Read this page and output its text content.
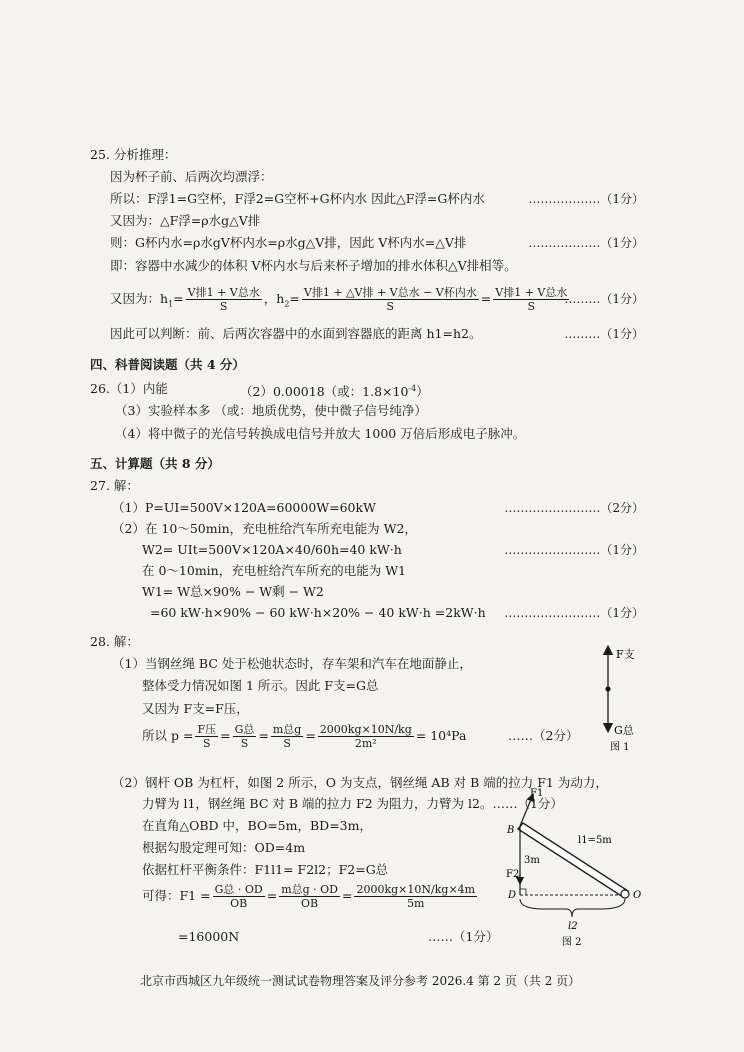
25. 分析推理：
因为杯子前、后两次均漂浮：
所以：F浮1=G空杯，F浮2=G空杯+G杯内水 因此△F浮=G杯内水	………………（1分）
又因为：△F浮=ρ水g△V排
则：G杯内水=ρ水gV杯内水=ρ水g△V排，因此 V杯内水=△V排	………………（1分）
即：容器中水减少的体积 V杯内水与后来杯子增加的排水体积△V排相等。
又因为：$h_1= \frac{\text{V排1 + V总水}}{S}$ ，$h_2= \frac{\text{V排1 + △V排 + V总水 − V杯内水}}{S} = \frac{\text{V排1 + V总水}}{S}$
………（1分）
因此可以判断：前、后两次容器中的水面到容器底的距离 h1=h2。	………（1分）
四、科普阅读题（共 4 分）
26.（1）内能	（2）0.00018（或：$1.8\times 10^{-4}$）
（3）实验样本多 （或：地质优势，使中微子信号纯净）
（4）将中微子的光信号转换成电信号并放大 1000 万倍后形成电子脉冲。
五、计算题（共 8 分）
27. 解：
（1）P=UI=500V×120A=60000W=60kW	……………………（2分）
（2）在 10～50min，充电桩给汽车所充电能为 W2，
W2= UIt=500V×120A×40/60h=40 kW·h	……………………（1分）
在 0～10min，充电桩给汽车所充的电能为 W1
W1= W总×90% − W剩 − W2
=60 kW·h×90% − 60 kW·h×20% − 40 kW·h =2kW·h ……………………（1分）
28. 解：
（1）当钢丝绳 BC 处于松弛状态时，存车架和汽车在地面静止，
整体受力情况如图 1 所示。因此 F支=G总
又因为 F支=F压，
所以 $p = \frac{\text{F压}}{S} = \frac{\text{G总}}{S} = \frac{\text{m总g}}{S} = \frac{2000kg\times 10N/kg}{\text{2m²}} = 10^4Pa$	……（2分）
F支
G总
图 1
（2）钢杆 OB 为杠杆，如图 2 所示，O 为支点，钢丝绳 AB 对 B 端的拉力 F1 为动力，
力臂为 l1，钢丝绳 BC 对 B 端的拉力 F2 为阻力，力臂为 l2。……（1分）
在直角△OBD 中，BO=5m，BD=3m，
根据勾股定理可知：OD=4m
依据杠杆平衡条件：F1l1= F2l2；F2=G总
可得：$F1 = \frac{\text{G总 · OD}}{OB} = \frac{\text{m总g · OD}}{OB} = \frac{2000kg\times 10N/kg\times 4m}{5m}$
=16000N	……（1分）
F1
B
l1=5m
3m
F2
D	O
l2
图 2
北京市西城区九年级统一测试试卷物理答案及评分参考 2026.4 第 2 页（共 2 页）
